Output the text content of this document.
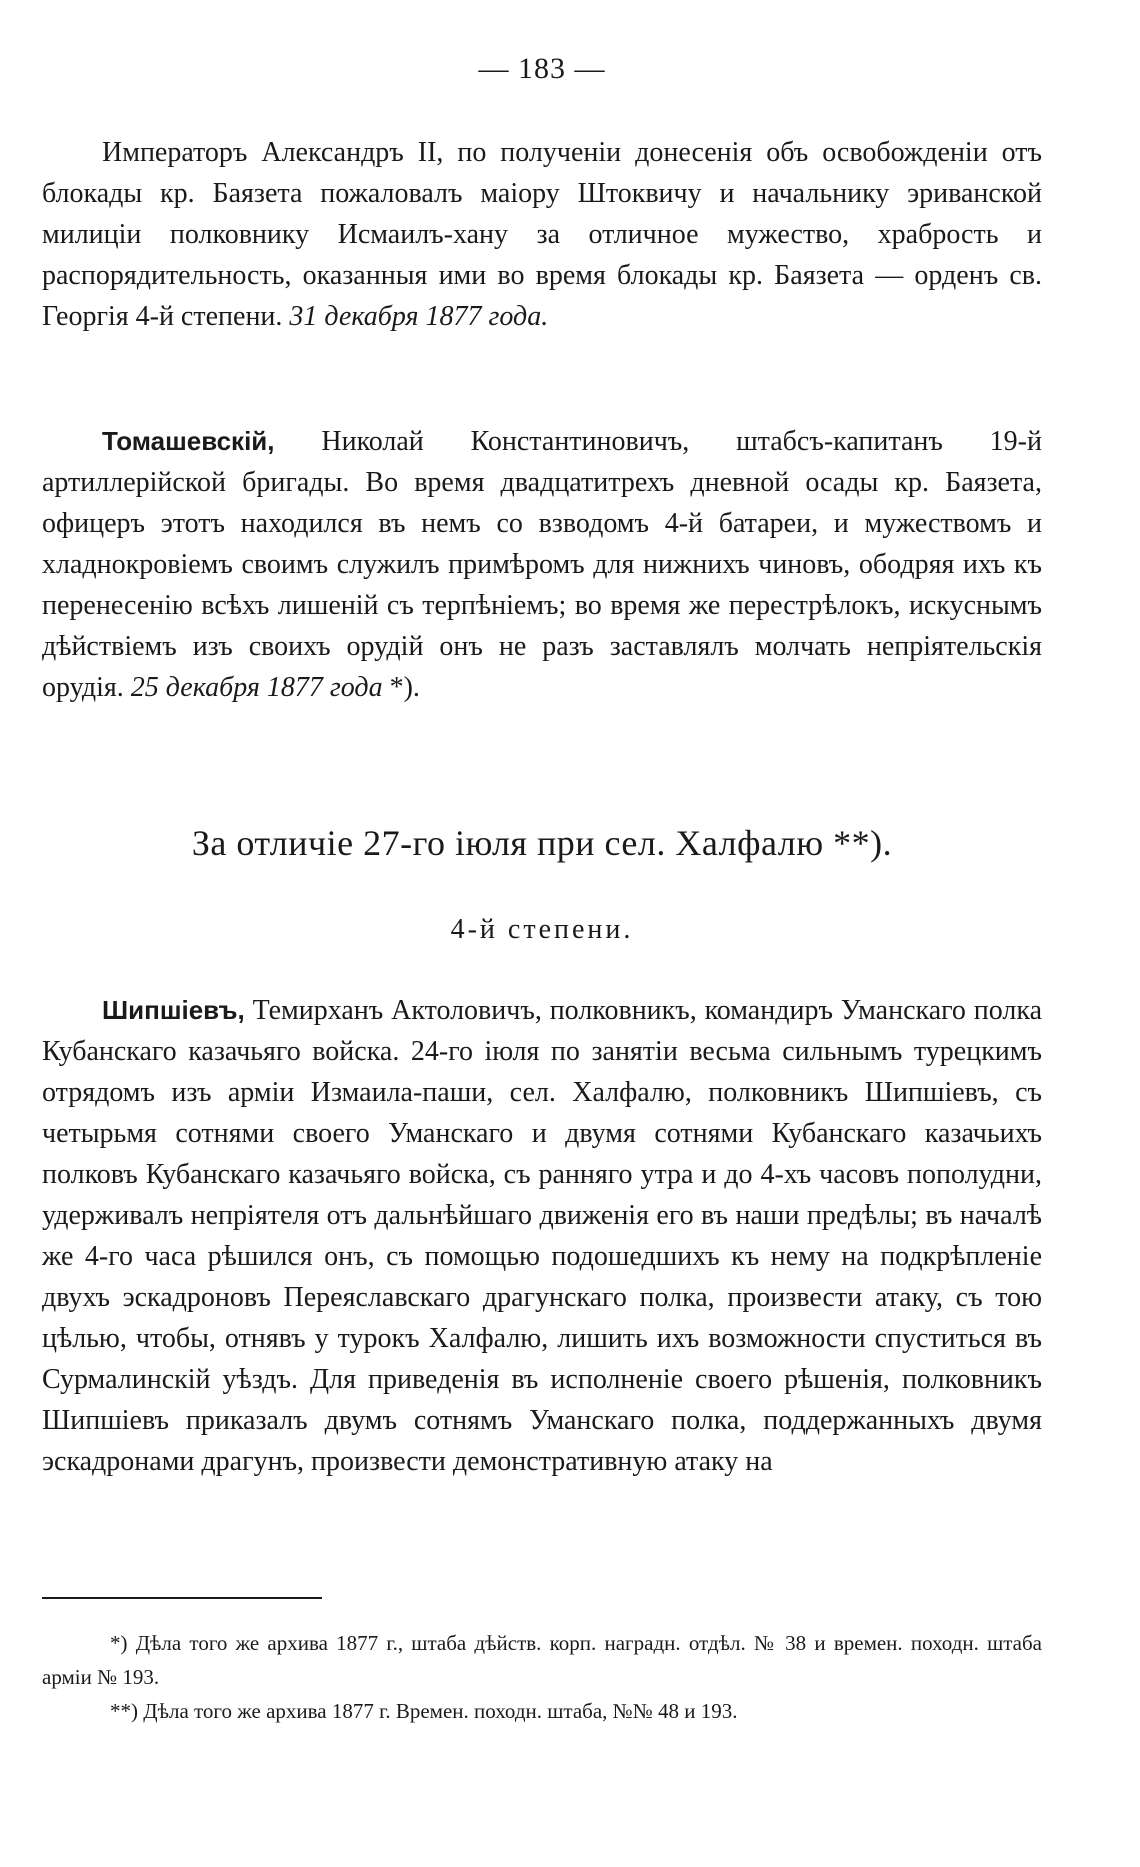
— 183 —

Императоръ Александръ II, по полученіи донесенія объ освобожденіи отъ блокады кр. Баязета пожаловалъ маіору Штоквичу и начальнику эриванской милиціи полковнику Исмаилъ-хану за отличное мужество, храбрость и распорядительность, оказанныя ими во время блокады кр. Баязета — орденъ св. Георгія 4-й степени. 31 декабря 1877 года.

Томашевскій, Николай Константиновичъ, штабсъ-капитанъ 19-й артиллерійской бригады. Во время двадцатитрехъ дневной осады кр. Баязета, офицеръ этотъ находился въ немъ со взводомъ 4-й батареи, и мужествомъ и хладнокровіемъ своимъ служилъ примѣромъ для нижнихъ чиновъ, ободряя ихъ къ перенесенію всѣхъ лишеній съ терпѣніемъ; во время же перестрѣлокъ, искуснымъ дѣйствіемъ изъ своихъ орудій онъ не разъ заставлялъ молчать непріятельскія орудія. 25 декабря 1877 года *).

За отличіе 27-го іюля при сел. Халфалю **).
4-й степени.

Шипшіевъ, Темирханъ Актоловичъ, полковникъ, командиръ Уманскаго полка Кубанскаго казачьяго войска. 24-го іюля по занятіи весьма сильнымъ турецкимъ отрядомъ изъ арміи Измаила-паши, сел. Халфалю, полковникъ Шипшіевъ, съ четырьмя сотнями своего Уманскаго и двумя сотнями Кубанскаго казачьихъ полковъ Кубанскаго казачьяго войска, съ ранняго утра и до 4-хъ часовъ пополудни, удерживалъ непріятеля отъ дальнѣйшаго движенія его въ наши предѣлы; въ началѣ же 4-го часа рѣшился онъ, съ помощью подошедшихъ къ нему на подкрѣпленіе двухъ эскадроновъ Переяславскаго драгунскаго полка, произвести атаку, съ тою цѣлью, чтобы, отнявъ у турокъ Халфалю, лишить ихъ возможности спуститься въ Сурмалинскій уѣздъ. Для приведенія въ исполненіе своего рѣшенія, полковникъ Шипшіевъ приказалъ двумъ сотнямъ Уманскаго полка, поддержанныхъ двумя эскадронами драгунъ, произвести демонстративную атаку на

*) Дѣла того же архива 1877 г., штаба дѣйств. корп. наградн. отдѣл. № 38 и времен. походн. штаба арміи № 193.

**) Дѣла того же архива 1877 г. Времен. походн. штаба, №№ 48 и 193.
